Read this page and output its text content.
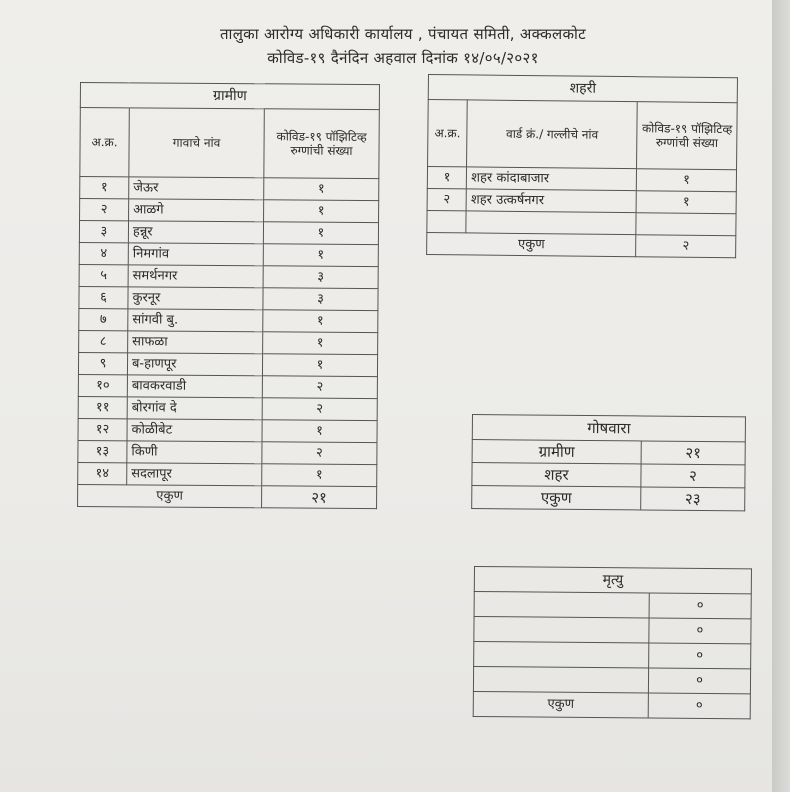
तालुका आरोग्य अधिकारी कार्यालय , पंचायत समिती, अक्कलकोट
कोविड-१९ दैनंदिन अहवाल दिनांक १४/०५/२०२१
ग्रामीण		
अ.क्र.	गावाचे नांव	कोविड-१९ पॉझिटिव्ह रुग्णांची संख्या
१	जेऊर	१
२	आळगे	१
३	हन्नूर	१
४	निमगांव	१
५	समर्थनगर	३
६	कुरनूर	३
७	सांगवी बु.	१
८	साफळा	१
९	ब-हाणपूर	१
१०	बावकरवाडी	२
११	बोरगांव दे	२
१२	कोळीबेट	१
१३	किणी	२
१४	सदलापूर	१
एकुण		२१
शहरी		
अ.क्र.	वार्ड क्रं./ गल्लीचे नांव	कोविड-१९ पॉझिटिव्ह रुग्णांची संख्या
१	शहर कांदाबाजार	१
२	शहर उत्कर्षनगर	१

एकुण		२
गोषवारा	
ग्रामीण	२१
शहर	२
एकुण	२३
मृत्यु	
	०
	०
	०
	०
एकुण	०
